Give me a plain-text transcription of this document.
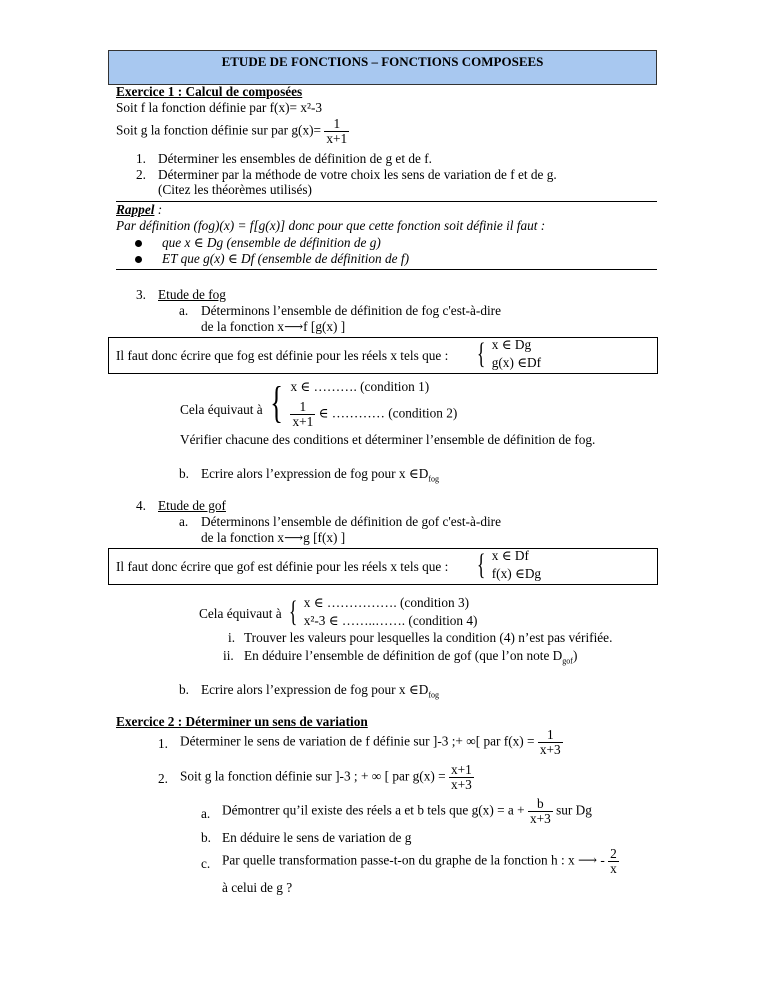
ETUDE DE FONCTIONS – FONCTIONS COMPOSEES
Exercice 1 : Calcul de composées
Soit f la fonction définie par f(x)= x²-3
Soit g la fonction définie sur par $g(x)= \frac{1}{x+1}$
1. Déterminer les ensembles de définition de g et de f.
2. Déterminer par la méthode de votre choix les sens de variation de f et de g.
(Citez les théorèmes utilisés)
Rappel :
Par définition (fog)(x) = f[g(x)] donc pour que cette fonction soit définie il faut :
que x ∈ Dg (ensemble de définition de g)
ET que g(x) ∈ Df (ensemble de définition de f)
3. Etude de fog
a. Déterminons l’ensemble de définition de fog c'est-à-dire
de la fonction x⟶f [g(x) ]
Il faut donc écrire que fog est définie pour les réels x tels que : { x ∈ Dg
g(x) ∈Df
Cela équivaut à { x ∈ ………. (condition 1)
$\frac{1}{x+1}$ ∈ ………… (condition 2)
Vérifier chacune des conditions et déterminer l’ensemble de définition de fog.
b. Ecrire alors l’expression de fog pour x $\in D_{fog}$
4. Etude de gof
a. Déterminons l’ensemble de définition de gof c'est-à-dire
de la fonction x⟶g [f(x) ]
Il faut donc écrire que gof est définie pour les réels x tels que : { x ∈ Df
f(x) ∈Dg
Cela équivaut à { x ∈ ……………. (condition 3)
x²-3 ∈ ……..……. (condition 4)
i. Trouver les valeurs pour lesquelles la condition (4) n’est pas vérifiée.
ii. En déduire l’ensemble de définition de gof (que l’on note $D_{gof}$)
b. Ecrire alors l’expression de fog pour x $\in D_{fog}$
Exercice 2 : Déterminer un sens de variation
1. Déterminer le sens de variation de f définie sur ]-3 ;+ ∞[ par $f(x) = \frac{1}{x+3}$
2. Soit g la fonction définie sur ]-3 ; + ∞ [ par $g(x) = \frac{x+1}{x+3}$
a. Démontrer qu’il existe des réels a et b tels que $g(x) = a + \frac{b}{x+3}$ sur Dg
b. En déduire le sens de variation de g
c. Par quelle transformation passe-t-on du graphe de la fonction h : x ⟶ - $\frac{2}{x}$
à celui de g ?
